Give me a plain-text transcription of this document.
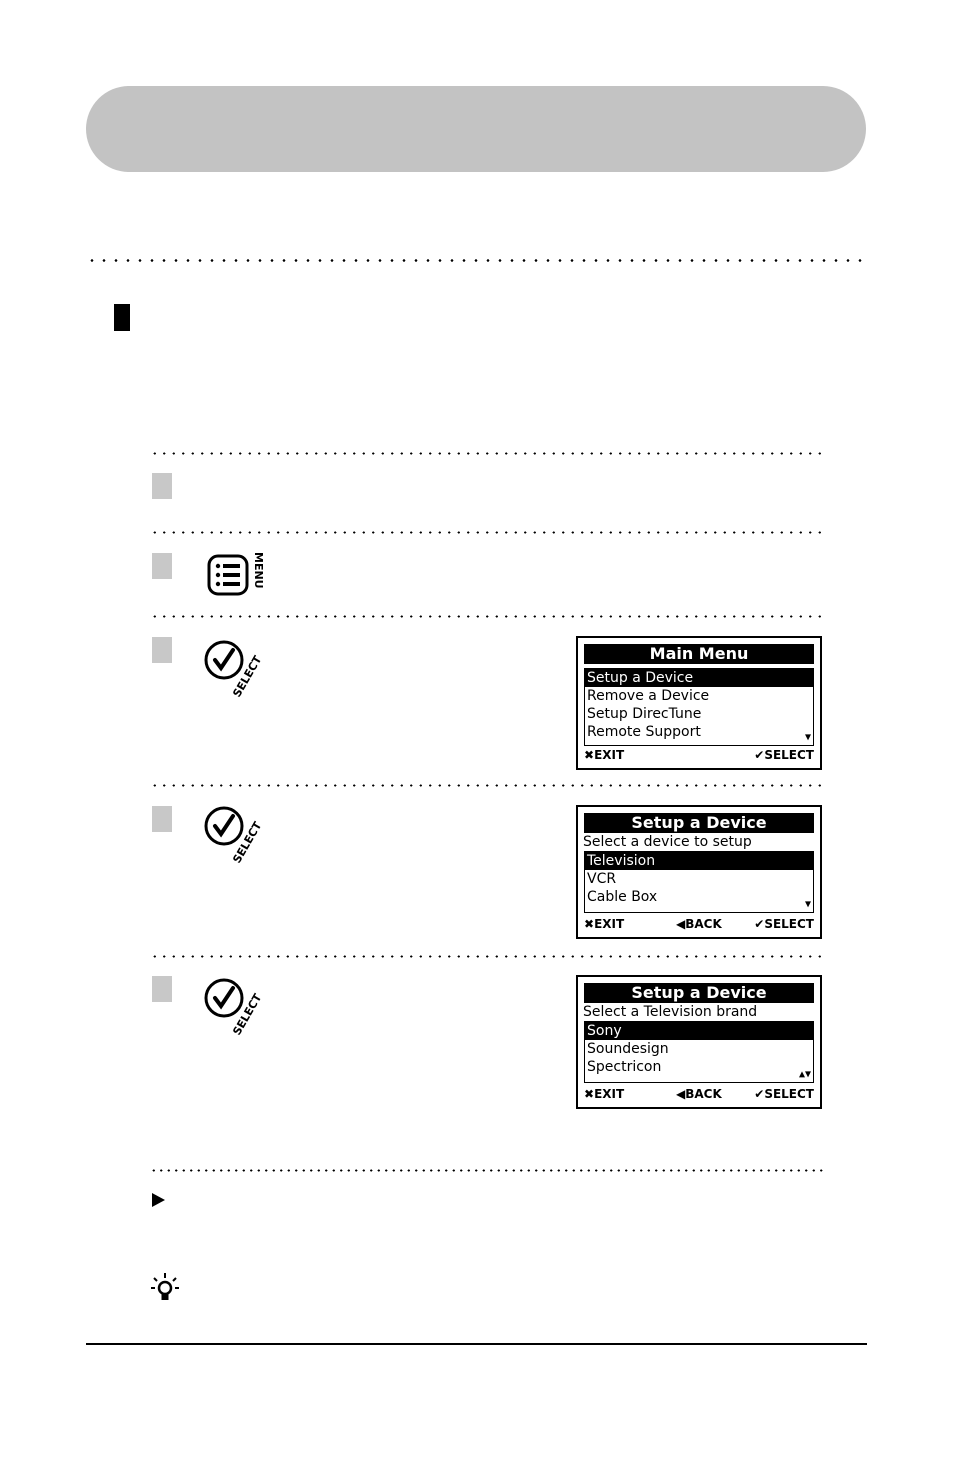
MENU
SELECT
Main Menu
Setup a Device
Remove a Device
Setup DirecTune
Remote Support	▼
✖EXIT	✔SELECT
SELECT	Setup a Device
Select a device to setup
Television
VCR
Cable Box	▼
✖EXIT	◀BACK	✔SELECT
SELECT	Setup a Device
Select a Television brand
Sony
Soundesign
Spectricon	▲▼
✖EXIT	◀BACK	✔SELECT
